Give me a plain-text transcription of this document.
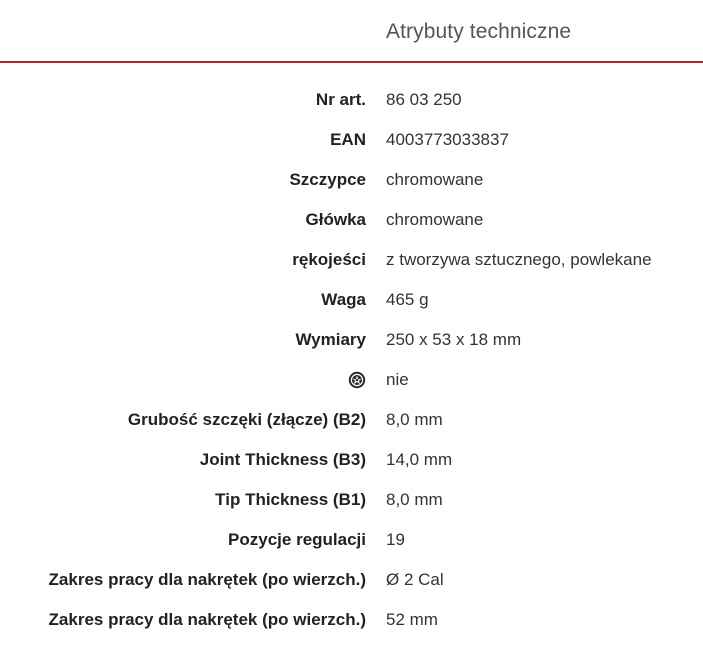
Atrybuty techniczne
Nr art. 86 03 250
EAN 4003773033837
Szczypce chromowane
Główka chromowane
rękojeści z tworzywa sztucznego, powlekane
Waga 465 g
Wymiary 250 x 53 x 18 mm
nie
Grubość szczęki (złącze) (B2) 8,0 mm
Joint Thickness (B3) 14,0 mm
Tip Thickness (B1) 8,0 mm
Pozycje regulacji 19
Zakres pracy dla nakrętek (po wierzch.) Ø 2 Cal
Zakres pracy dla nakrętek (po wierzch.) 52 mm
